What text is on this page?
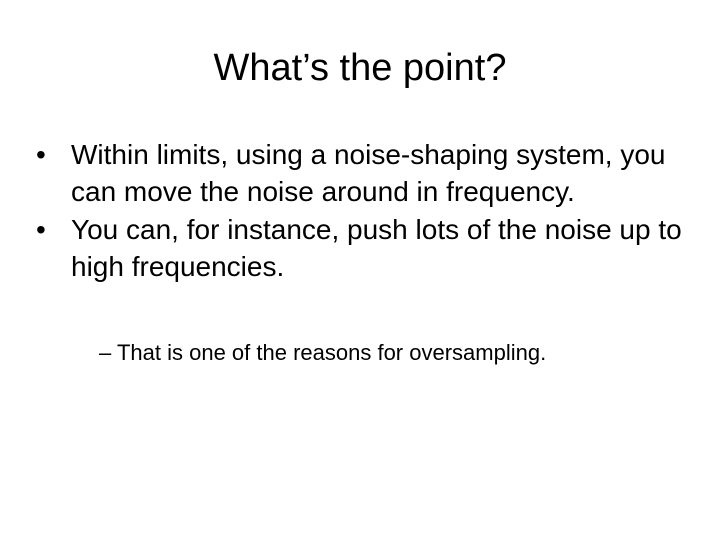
What’s the point?
• Within limits, using a noise-shaping system, you can move the noise around in frequency.
• You can, for instance, push lots of the noise up to high frequencies.
– That is one of the reasons for oversampling.
